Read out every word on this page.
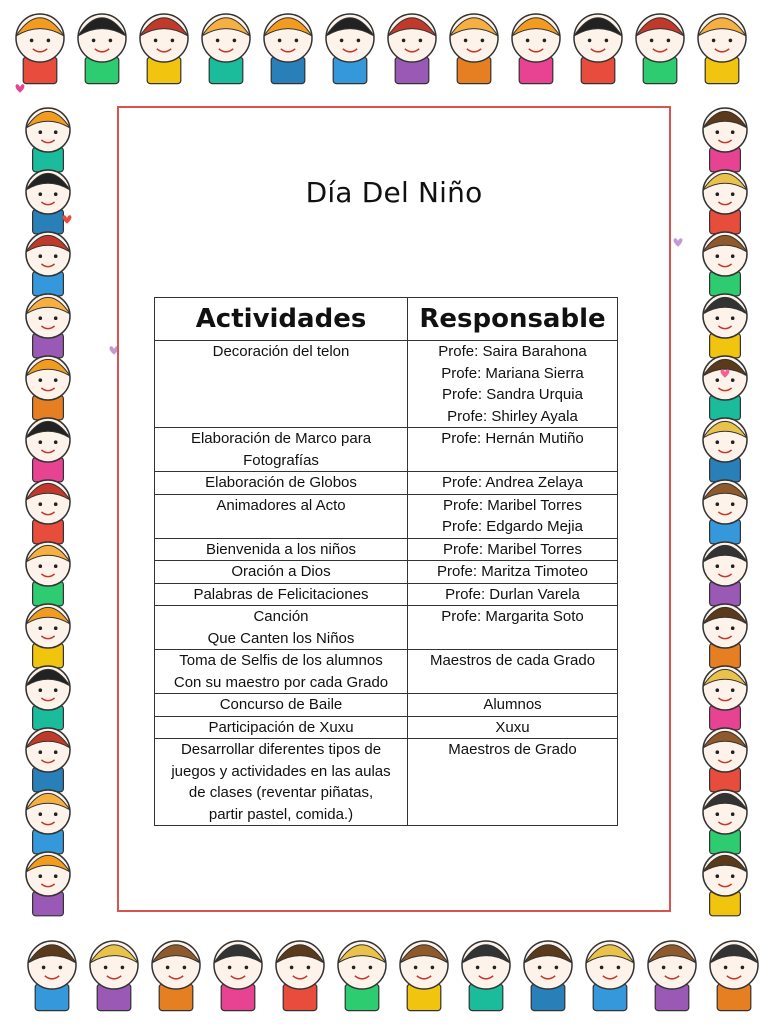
Día Del Niño
Actividades	Responsable

Decoración del telon	Profe: Saira Barahona
Profe: Mariana Sierra
Profe: Sandra Urquia
Profe: Shirley Ayala

Elaboración de Marco para
Fotografías	Profe: Hernán Mutiño

Elaboración de Globos	Profe: Andrea Zelaya

Animadores al Acto	Profe: Maribel Torres
Profe: Edgardo Mejia

Bienvenida a los niños	Profe: Maribel Torres

Oración a Dios	Profe: Maritza Timoteo

Palabras de Felicitaciones	Profe: Durlan Varela

Canción
Que Canten los Niños	Profe: Margarita Soto

Toma de Selfis de los alumnos
Con su maestro por cada Grado	Maestros de cada Grado

Concurso de Baile	Alumnos

Participación de Xuxu	Xuxu

Desarrollar diferentes tipos de
juegos y actividades en las aulas
de clases (reventar piñatas,
partir pastel, comida.)	Maestros de Grado
